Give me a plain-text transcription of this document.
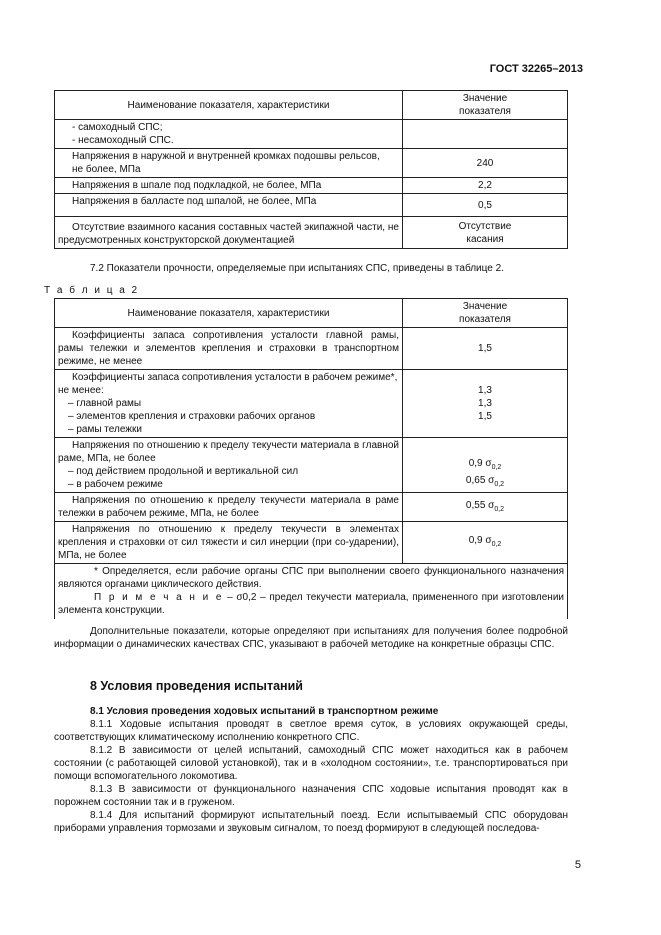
ГОСТ 32265–2013
Наименование показателя, характеристики	Значение
показателя

- самоходный СПС;
- несамоходный СПС.	

Напряжения в наружной и внутренней кромках подошвы рельсов,
не более, МПа	240

Напряжения в шпале под подкладкой, не более, МПа	2,2

Напряжения в балласте под шпалой, не более, МПа	0,5
Отсутствие взаимного касания составных частей экипажной части, не предусмотренных конструкторской документацией	Отсутствие
касания

7.2 Показатели прочности, определяемые при испытаниях СПС, приведены в таблице 2.

Т а б л и ц а 2
Наименование показателя, характеристики	Значение
показателя

Коэффициенты запаса сопротивления усталости главной рамы, рамы тележки и элементов крепления и страховки в транспортном режиме, не менее	1,5

Коэффициенты запаса сопротивления усталости в рабочем режиме*,
не менее:
– главной рамы
– элементов крепления и страховки рабочих органов
– рамы тележки	1,3
1,3
1,5

Напряжения по отношению к пределу текучести материала в главной раме, МПа, не более
– под действием продольной и вертикальной сил
– в рабочем режиме	0,9 $\sigma_{0,2}$
0,65 $\sigma_{0,2}$

Напряжения по отношению к пределу текучести материала в раме тележки в рабочем режиме, МПа, не более	0,55 $\sigma_{0,2}$
Напряжения по отношению к пределу текучести в элементах крепления и страховки от сил тяжести и сил инерции (при со-ударении), МПа, не более	0,9 $\sigma_{0,2}$

* Определяется, если рабочие органы СПС при выполнении своего функционального назначения являются органами циклического действия.
П р и м е ч а н и е – σ0,2 – предел текучести материала, примененного при изготовлении элемента конструкции.	

Дополнительные показатели, которые определяют при испытаниях для получения более подробной информации о динамических качествах СПС, указывают в рабочей методике на конкретные образцы СПС.

8 Условия проведения испытаний

8.1 Условия проведения ходовых испытаний в транспортном режиме

8.1.1 Ходовые испытания проводят в светлое время суток, в условиях окружающей среды, соответствующих климатическому исполнению конкретного СПС.

8.1.2 В зависимости от целей испытаний, самоходный СПС может находиться как в рабочем состоянии (с работающей силовой установкой), так и в «холодном состоянии», т.е. транспортироваться при помощи вспомогательного локомотива.

8.1.3 В зависимости от функционального назначения СПС ходовые испытания проводят как в порожнем состоянии так и в груженом.

8.1.4 Для испытаний формируют испытательный поезд. Если испытываемый СПС оборудован приборами управления тормозами и звуковым сигналом, то поезд формируют в следующей последова-

5
